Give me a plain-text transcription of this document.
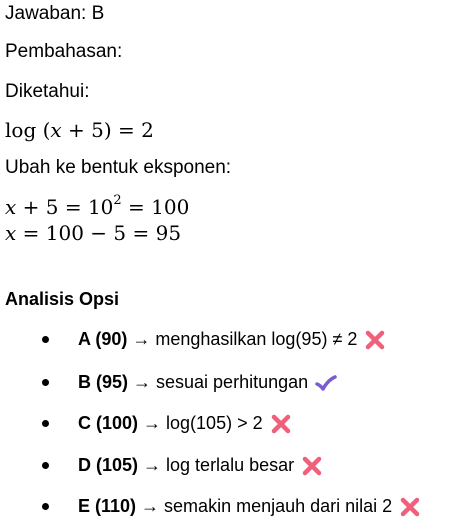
Jawaban: B
Pembahasan:
Diketahui:
log (x + 5) = 2
Ubah ke bentuk eksponen:
$x + 5 = 10^2 = 100$
x = 100 − 5 = 95
Analisis Opsi
A (90) → menghasilkan log(95) ≠ 2
B (95) → sesuai perhitungan
C (100) → log(105) > 2
D (105) → log terlalu besar
E (110) → semakin menjauh dari nilai 2
